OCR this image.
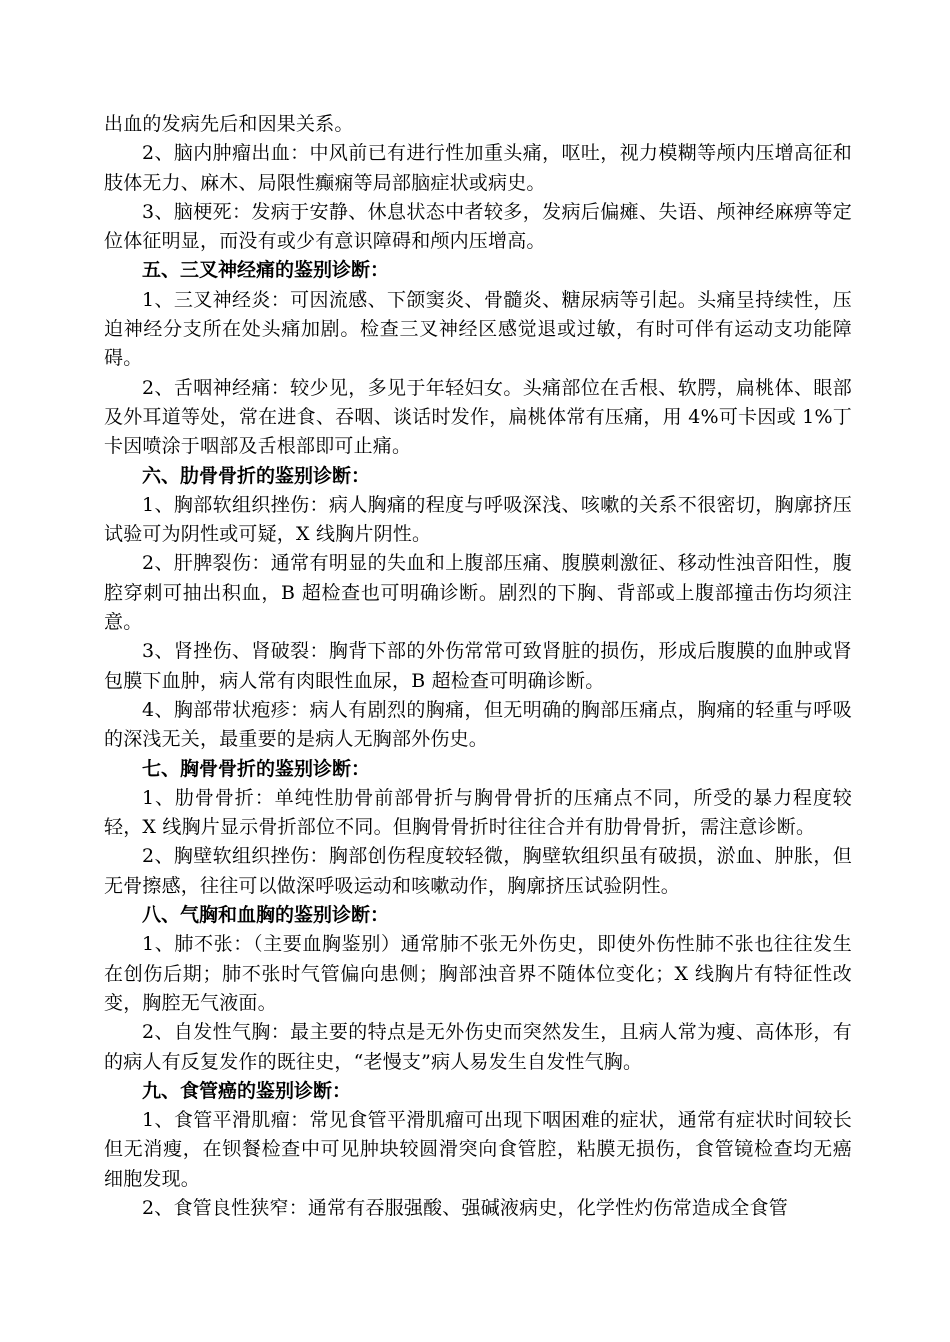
出血的发病先后和因果关系。

2、脑内肿瘤出血：中风前已有进行性加重头痛，呕吐，视力模糊等颅内压增高征和肢体无力、麻木、局限性癫痫等局部脑症状或病史。

3、脑梗死：发病于安静、休息状态中者较多，发病后偏瘫、失语、颅神经麻痹等定位体征明显，而没有或少有意识障碍和颅内压增高。

五、三叉神经痛的鉴别诊断：

1、三叉神经炎：可因流感、下颌窦炎、骨髓炎、糖尿病等引起。头痛呈持续性，压迫神经分支所在处头痛加剧。检查三叉神经区感觉退或过敏，有时可伴有运动支功能障碍。

2、舌咽神经痛：较少见，多见于年轻妇女。头痛部位在舌根、软腭，扁桃体、眼部及外耳道等处，常在进食、吞咽、谈话时发作，扁桃体常有压痛，用 4%可卡因或 1%丁卡因喷涂于咽部及舌根部即可止痛。

六、肋骨骨折的鉴别诊断：

1、胸部软组织挫伤：病人胸痛的程度与呼吸深浅、咳嗽的关系不很密切，胸廓挤压试验可为阴性或可疑，X 线胸片阴性。

2、肝脾裂伤：通常有明显的失血和上腹部压痛、腹膜刺激征、移动性浊音阳性，腹腔穿刺可抽出积血，B 超检查也可明确诊断。剧烈的下胸、背部或上腹部撞击伤均须注意。

3、肾挫伤、肾破裂：胸背下部的外伤常常可致肾脏的损伤，形成后腹膜的血肿或肾包膜下血肿，病人常有肉眼性血尿，B 超检查可明确诊断。

4、胸部带状疱疹：病人有剧烈的胸痛，但无明确的胸部压痛点，胸痛的轻重与呼吸的深浅无关，最重要的是病人无胸部外伤史。

七、胸骨骨折的鉴别诊断：

1、肋骨骨折：单纯性肋骨前部骨折与胸骨骨折的压痛点不同，所受的暴力程度较轻，X 线胸片显示骨折部位不同。但胸骨骨折时往往合并有肋骨骨折，需注意诊断。

2、胸壁软组织挫伤：胸部创伤程度较轻微，胸壁软组织虽有破损，淤血、肿胀，但无骨擦感，往往可以做深呼吸运动和咳嗽动作，胸廓挤压试验阴性。

八、气胸和血胸的鉴别诊断：

1、肺不张：（主要血胸鉴别）通常肺不张无外伤史，即使外伤性肺不张也往往发生在创伤后期；肺不张时气管偏向患侧；胸部浊音界不随体位变化；X 线胸片有特征性改变，胸腔无气液面。

2、自发性气胸：最主要的特点是无外伤史而突然发生，且病人常为瘦、高体形，有的病人有反复发作的既往史，“老慢支”病人易发生自发性气胸。

九、食管癌的鉴别诊断：

1、食管平滑肌瘤：常见食管平滑肌瘤可出现下咽困难的症状，通常有症状时间较长但无消瘦，在钡餐检查中可见肿块较圆滑突向食管腔，粘膜无损伤，食管镜检查均无癌细胞发现。

2、食管良性狭窄：通常有吞服强酸、强碱液病史，化学性灼伤常造成全食管
